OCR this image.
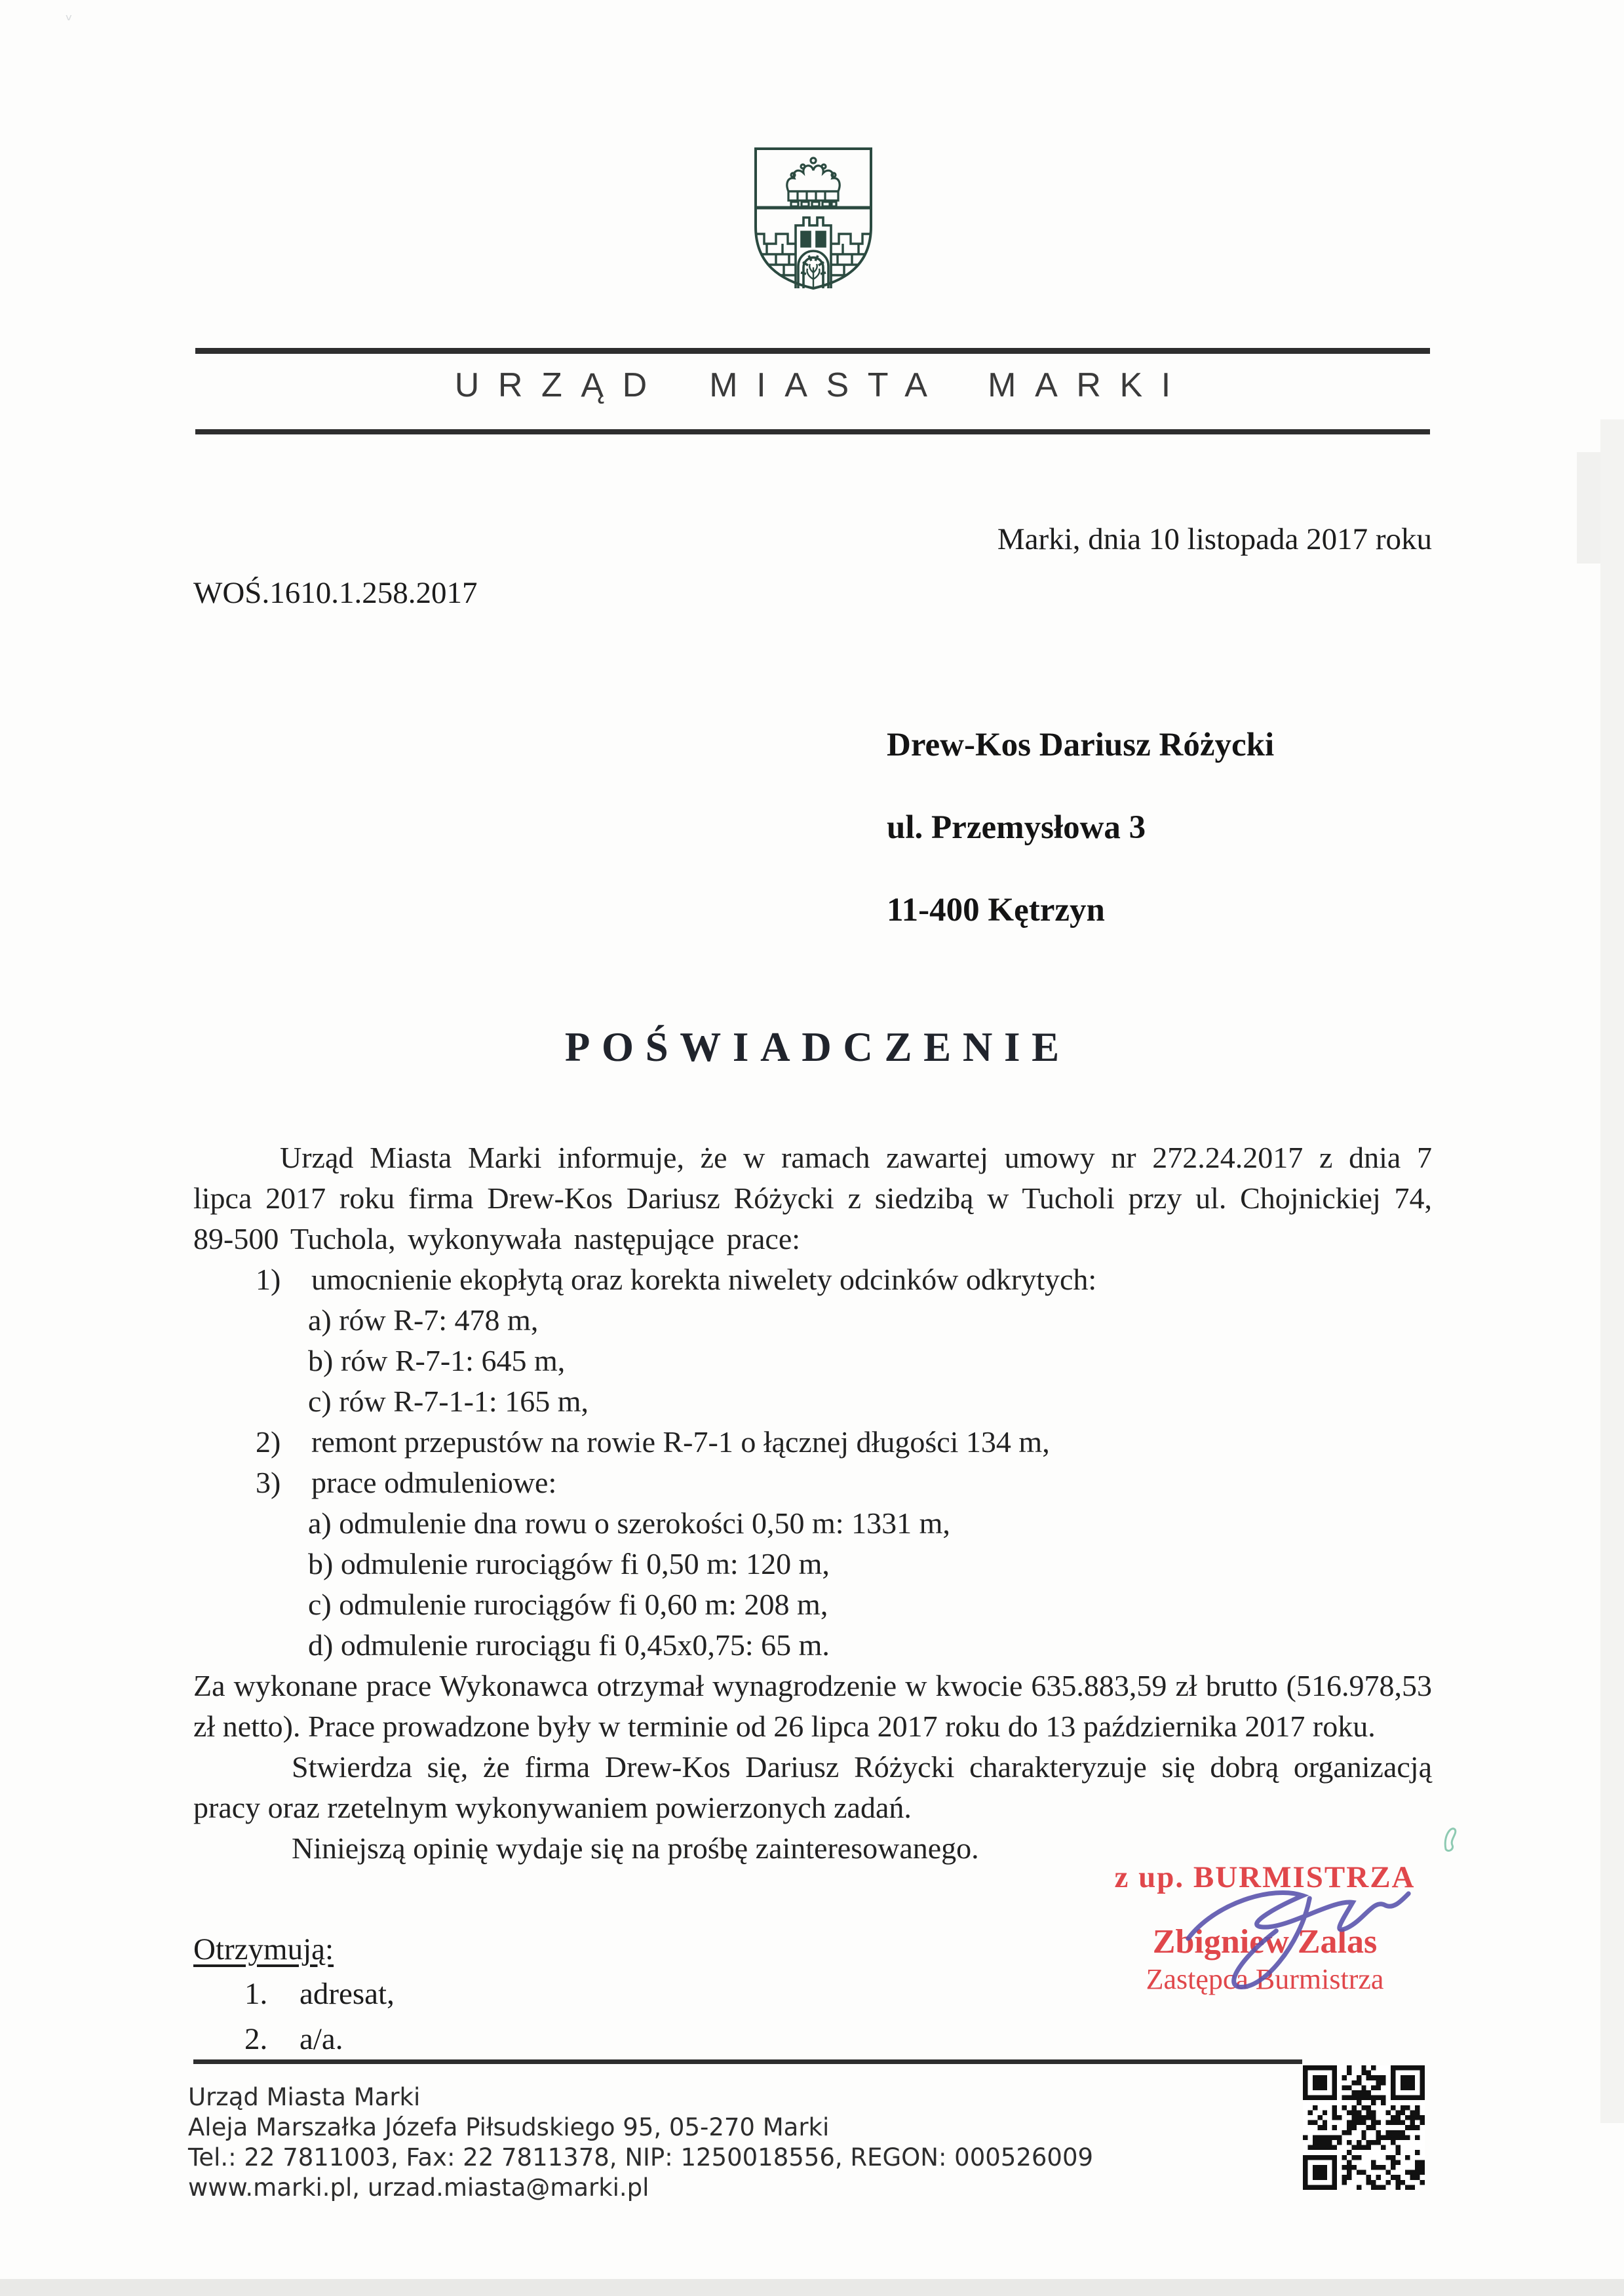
ᵥ
URZĄD MIASTA MARKI
Marki, dnia 10 listopada 2017 roku
WOŚ.1610.1.258.2017
Drew-Kos Dariusz Różycki
ul. Przemysłowa 3
11-400 Kętrzyn
POŚWIADCZENIE

Urząd Miasta Marki informuje, że w ramach zawartej umowy nr 272.24.2017 z dnia 7 lipca 2017 roku firma Drew-Kos Dariusz Różycki z siedzibą w Tucholi przy ul. Chojnickiej 74, 89-500 Tuchola, wykonywała następujące prace:

1) umocnienie ekopłytą oraz korekta niwelety odcinków odkrytych:
a) rów R-7: 478 m,
b) rów R-7-1: 645 m,
c) rów R-7-1-1: 165 m,
2) remont przepustów na rowie R-7-1 o łącznej długości 134 m,
3) prace odmuleniowe:
a) odmulenie dna rowu o szerokości 0,50 m: 1331 m,
b) odmulenie rurociągów fi 0,50 m: 120 m,
c) odmulenie rurociągów fi 0,60 m: 208 m,
d) odmulenie rurociągu fi 0,45x0,75: 65 m.

Za wykonane prace Wykonawca otrzymał wynagrodzenie w kwocie 635.883,59 zł brutto (516.978,53 zł netto). Prace prowadzone były w terminie od 26 lipca 2017 roku do 13 października 2017 roku.

Stwierdza się, że firma Drew-Kos Dariusz Różycki charakteryzuje się dobrą organizacją pracy oraz rzetelnym wykonywaniem powierzonych zadań.

Niniejszą opinię wydaje się na prośbę zainteresowanego.

z up. BURMISTRZA
Zbigniew Zalas
Zastępca Burmistrza
Otrzymują:
1. adresat,
2. a/a.
Urząd Miasta Marki
Aleja Marszałka Józefa Piłsudskiego 95, 05-270 Marki
Tel.: 22 7811003, Fax: 22 7811378, NIP: 1250018556, REGON: 000526009
www.marki.pl, urzad.miasta@marki.pl
